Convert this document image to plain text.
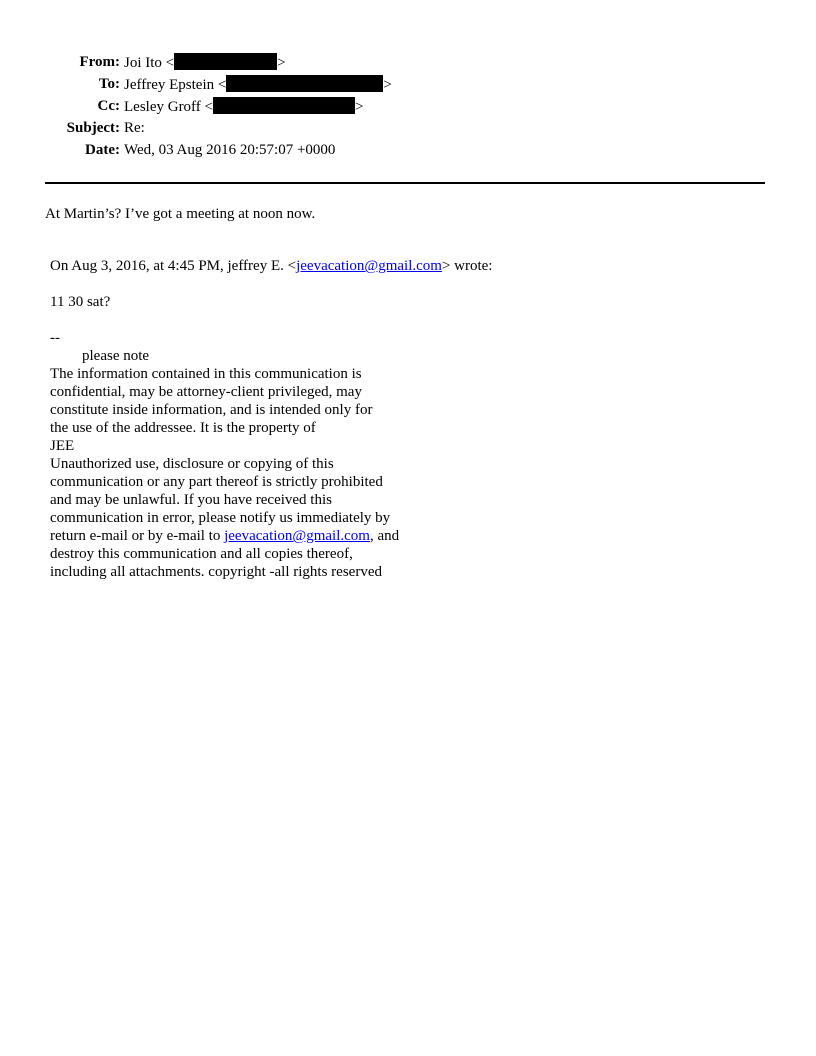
From: Joi Ito <	>
To: Jeffrey Epstein <	>
Cc: Lesley Groff <	>
Subject: Re:
Date: Wed, 03 Aug 2016 20:57:07 +0000
At Martin’s? I’ve got a meeting at noon now.
On Aug 3, 2016, at 4:45 PM, jeffrey E. <jeevacation@gmail.com> wrote:
11 30 sat?
--
please note
The information contained in this communication is
confidential, may be attorney-client privileged, may
constitute inside information, and is intended only for
the use of the addressee. It is the property of
JEE
Unauthorized use, disclosure or copying of this
communication or any part thereof is strictly prohibited
and may be unlawful. If you have received this
communication in error, please notify us immediately by
return e-mail or by e-mail to jeevacation@gmail.com, and
destroy this communication and all copies thereof,
including all attachments. copyright -all rights reserved
